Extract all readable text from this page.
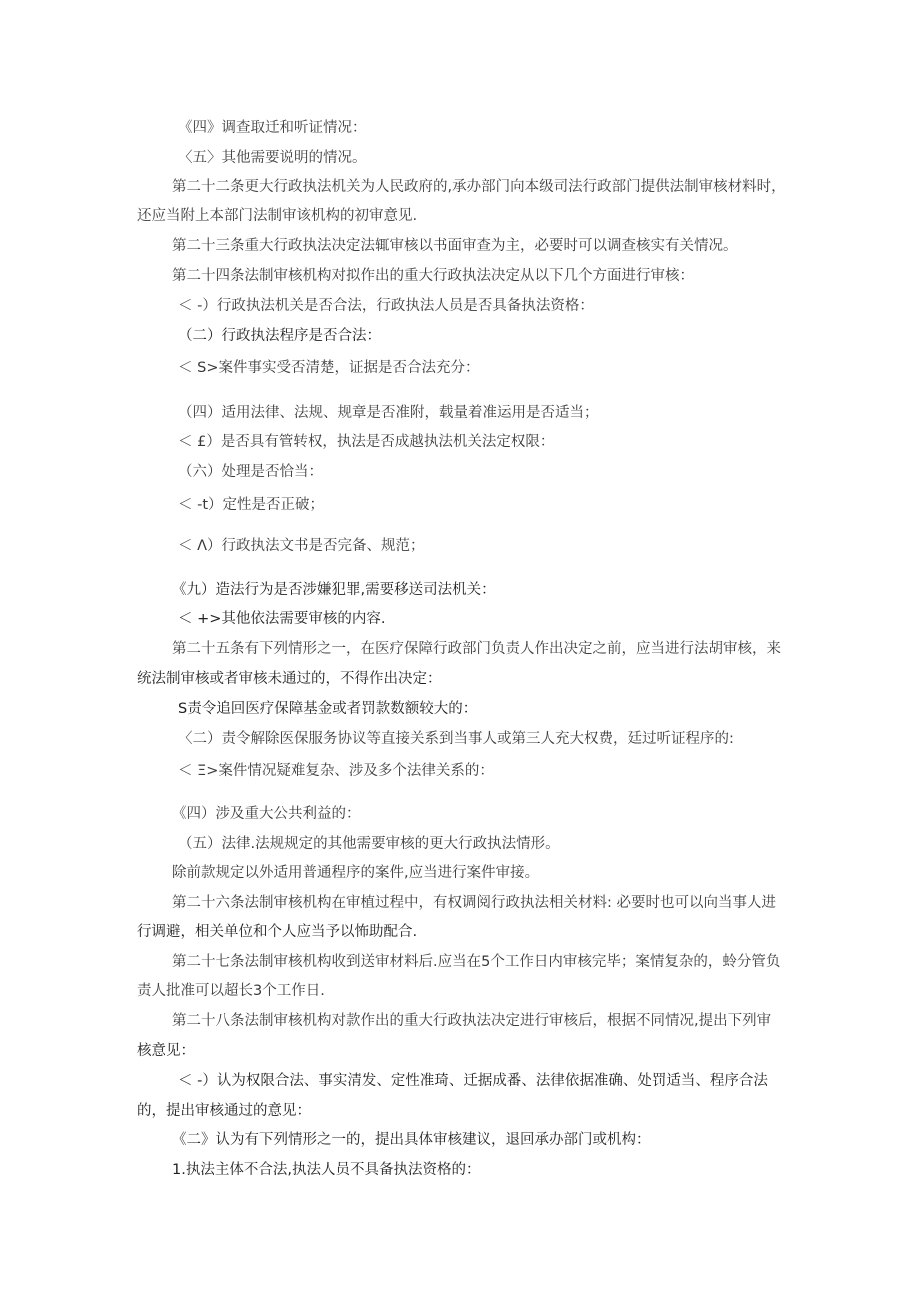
《四》调查取迁和听证情况：
〈五〉其他需要说明的情况。
第二十二条更大行政执法机关为人民政府的,承办部门向本级司法行政部门提供法制审核材料时，
还应当附上本部门法制审该机构的初审意见.
第二十三条重大行政执法决定法辄审核以书面审查为主，必要时可以调查核实有关情况。
第二十四条法制审核机构对拟作出的重大行政执法决定从以下几个方面进行审核：
＜ -）行政执法机关是否合法，行政执法人员是否具备执法资格：
（二）行政执法程序是否合法：
＜ S>案件事实受否清楚，证据是否合法充分：
（四）适用法律、法规、规章是否准附，载量着准运用是否适当；
＜ £）是否具有管转权，执法是否成越执法机关法定权限：
（六）处理是否恰当：
＜ -t）定性是否正破；
＜ Λ）行政执法文书是否完备、规范；
《九）造法行为是否涉嫌犯罪,需要移送司法机关：
＜ +>其他依法需要审核的内容.
第二十五条有下列情形之一，在医疗保障行政部门负责人作出决定之前，应当进行法胡审核，来
统法制审核或者审核未通过的，不得作出决定：
S责令追回医疗保障基金或者罚款数额较大的：
〈二）责令解除医保服务协议等直接关系到当事人或第三人充大权费，廷过听证程序的:
＜ Ξ>案件情况疑难复杂、涉及多个法律关系的：
《四）涉及重大公共利益的：
（五）法律.法规规定的其他需要审核的更大行政执法情形。
除前款规定以外适用普通程序的案件,应当进行案件审接。
第二十六条法制审核机构在审植过程中，有权调阅行政执法相关材料: 必要时也可以向当事人进
行调避，相关单位和个人应当予以怖助配合.
第二十七条法制审核机构收到送审材料后.应当在5个工作日内审核完毕；案情复杂的，蛉分管负
责人批准可以超长3个工作日.
第二十八条法制审核机构对款作出的重大行政执法决定进行审核后，根据不同情况,提出下列审
核意见：
＜ -）认为权限合法、事实清发、定性准琦、迁据成番、法律依据准确、处罚适当、程序合法
的，提出审核通过的意见：
《二》认为有下列情形之一的，提出具体审核建议，退回承办部门或机构：
1.执法主体不合法,执法人员不具备执法资格的：
